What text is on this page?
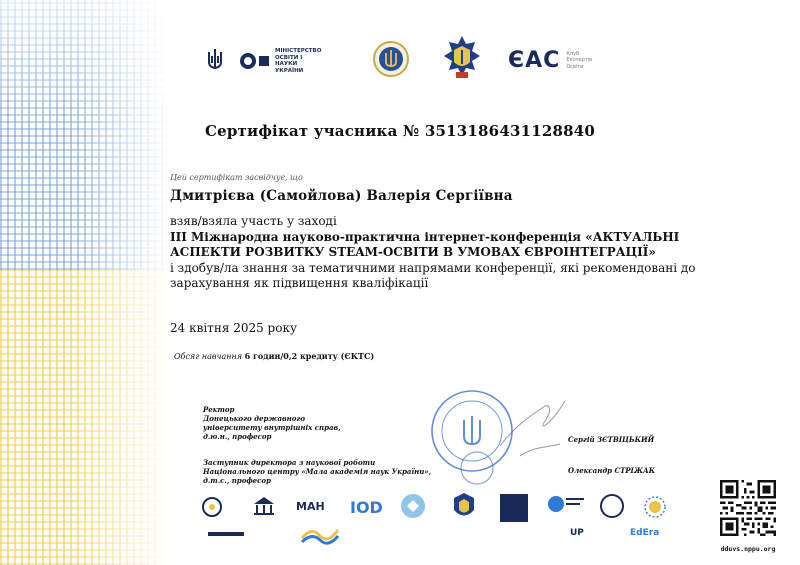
МІНІСТЕРСТВО ОСВІТИ І НАУКИ УКРАЇНИ	ЄАС Клуб Експертів Освіти
Сертифікат учасника № 3513186431128840
Цей сертифікат засвідчує, що
Дмитрієва (Самойлова) Валерія Сергіївна
взяв/взяла участь у заході
ІІІ Міжнародна науково-практична інтернет-конференція «АКТУАЛЬНІ АСПЕКТИ РОЗВИТКУ STEAM-ОСВІТИ В УМОВАХ ЄВРОІНТЕГРАЦІЇ»
і здобув/ла знання за тематичними напрямами конференції, які рекомендовані до зарахування як підвищення кваліфікації
24 квітня 2025 року
Обсяг навчання 6 годин/0,2 кредиту (ЄКТС)
Ректор
Донецького державного
університету внутрішніх справ,
д.ю.н., професор	Сергій ЗЄТВІЦЬКИЙ
Заступник директора з наукової роботи
Національного центру «Мала академія наук України»,
д.т.с., професор
Олександр СТРІЖАК
MAH IOD
UP	EdEra
dduvs.nppu.org
